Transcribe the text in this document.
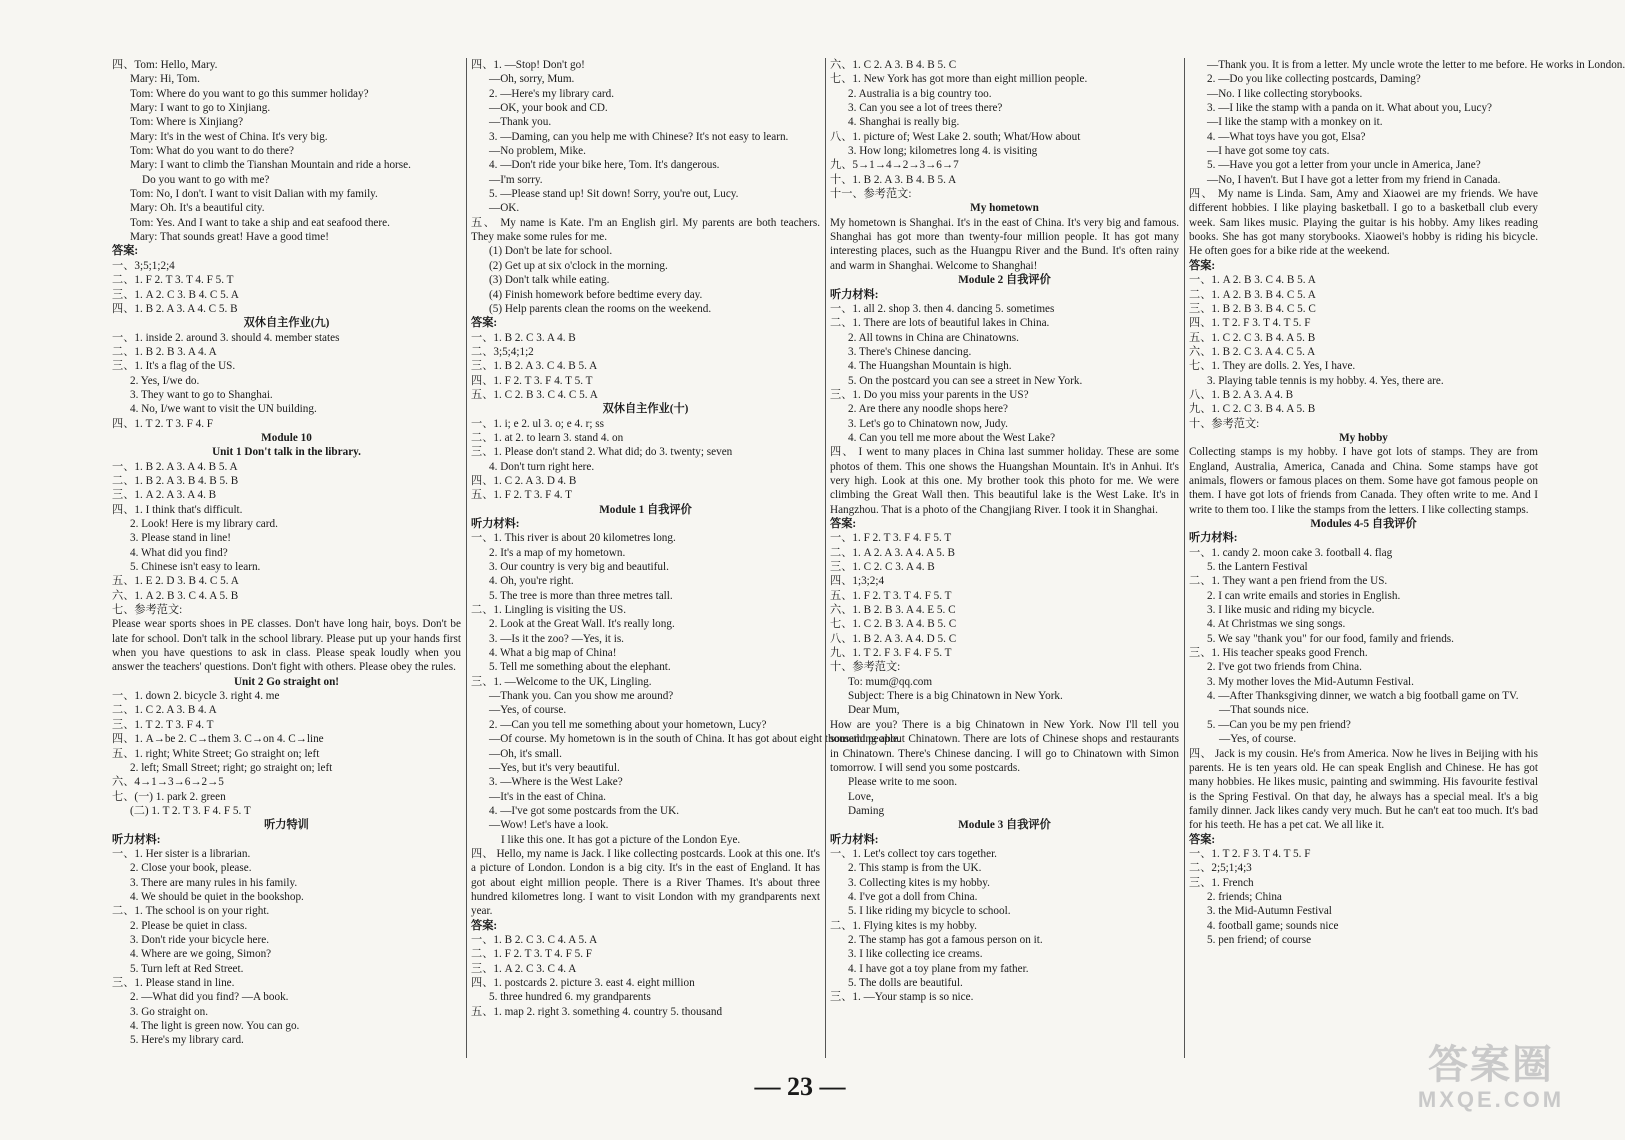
四、Tom: Hello, Mary.
Mary: Hi, Tom.
Tom: Where do you want to go this summer holiday?
Mary: I want to go to Xinjiang.
Tom: Where is Xinjiang?
Mary: It's in the west of China. It's very big.
Tom: What do you want to do there?
Mary: I want to climb the Tianshan Mountain and ride a horse.
Do you want to go with me?
Tom: No, I don't. I want to visit Dalian with my family.
Mary: Oh. It's a beautiful city.
Tom: Yes. And I want to take a ship and eat seafood there.
Mary: That sounds great! Have a good time!
答案:
一、3;5;1;2;4
二、1. F 2. T 3. T 4. F 5. T
三、1. A 2. C 3. B 4. C 5. A
四、1. B 2. A 3. A 4. C 5. B
双休自主作业(九)
一、1. inside 2. around 3. should 4. member states
二、1. B 2. B 3. A 4. A
三、1. It's a flag of the US.
2. Yes, I/we do.
3. They want to go to Shanghai.
4. No, I/we want to visit the UN building.
四、1. T 2. T 3. F 4. F
Module 10
Unit 1 Don't talk in the library.
一、1. B 2. A 3. A 4. B 5. A
二、1. B 2. A 3. B 4. B 5. B
三、1. A 2. A 3. A 4. B
四、1. I think that's difficult.
2. Look! Here is my library card.
3. Please stand in line!
4. What did you find?
5. Chinese isn't easy to learn.
五、1. E 2. D 3. B 4. C 5. A
六、1. A 2. B 3. C 4. A 5. B
七、参考范文:
Please wear sports shoes in PE classes. Don't have long hair, boys. Don't be late for school. Don't talk in the school library. Please put up your hands first when you have questions to ask in class. Please speak loudly when you answer the teachers' questions. Don't fight with others. Please obey the rules.
Unit 2 Go straight on!
一、1. down 2. bicycle 3. right 4. me
二、1. C 2. A 3. B 4. A
三、1. T 2. T 3. F 4. T
四、1. A→be 2. C→them 3. C→on 4. C→line
五、1. right; White Street; Go straight on; left
2. left; Small Street; right; go straight on; left
六、4→1→3→6→2→5
七、(一) 1. park 2. green
(二) 1. T 2. T 3. F 4. F 5. T
听力特训
听力材料:
一、1. Her sister is a librarian.
2. Close your book, please.
3. There are many rules in his family.
4. We should be quiet in the bookshop.
二、1. The school is on your right.
2. Please be quiet in class.
3. Don't ride your bicycle here.
4. Where are we going, Simon?
5. Turn left at Red Street.
三、1. Please stand in line.
2. —What did you find? —A book.
3. Go straight on.
4. The light is green now. You can go.
5. Here's my library card.
四、1. —Stop! Don't go!
—Oh, sorry, Mum.
2. —Here's my library card.
—OK, your book and CD.
—Thank you.
3. —Daming, can you help me with Chinese? It's not easy to learn.
—No problem, Mike.
4. —Don't ride your bike here, Tom. It's dangerous.
—I'm sorry.
5. —Please stand up! Sit down! Sorry, you're out, Lucy.
—OK.
五、 My name is Kate. I'm an English girl. My parents are both teachers. They make some rules for me.
(1) Don't be late for school.
(2) Get up at six o'clock in the morning.
(3) Don't talk while eating.
(4) Finish homework before bedtime every day.
(5) Help parents clean the rooms on the weekend.
答案:
一、1. B 2. C 3. A 4. B
二、3;5;4;1;2
三、1. B 2. A 3. C 4. B 5. A
四、1. F 2. T 3. F 4. T 5. T
五、1. C 2. B 3. C 4. C 5. A
双休自主作业(十)
一、1. i; e 2. ul 3. o; e 4. r; ss
二、1. at 2. to learn 3. stand 4. on
三、1. Please don't stand 2. What did; do 3. twenty; seven
4. Don't turn right here.
四、1. C 2. A 3. D 4. B
五、1. F 2. T 3. F 4. T
Module 1 自我评价
听力材料:
一、1. This river is about 20 kilometres long.
2. It's a map of my hometown.
3. Our country is very big and beautiful.
4. Oh, you're right.
5. The tree is more than three metres tall.
二、1. Lingling is visiting the US.
2. Look at the Great Wall. It's really long.
3. —Is it the zoo? —Yes, it is.
4. What a big map of China!
5. Tell me something about the elephant.
三、1. —Welcome to the UK, Lingling.
—Thank you. Can you show me around?
—Yes, of course.
2. —Can you tell me something about your hometown, Lucy?
—Of course. My hometown is in the south of China. It has got about eight thousand people.
—Oh, it's small.
—Yes, but it's very beautiful.
3. —Where is the West Lake?
—It's in the east of China.
4. —I've got some postcards from the UK.
—Wow! Let's have a look.
I like this one. It has got a picture of the London Eye.
四、 Hello, my name is Jack. I like collecting postcards. Look at this one. It's a picture of London. London is a big city. It's in the east of England. It has got about eight million people. There is a River Thames. It's about three hundred kilometres long. I want to visit London with my grandparents next year.
答案:
一、1. B 2. C 3. C 4. A 5. A
二、1. F 2. T 3. T 4. F 5. F
三、1. A 2. C 3. C 4. A
四、1. postcards 2. picture 3. east 4. eight million
5. three hundred 6. my grandparents
五、1. map 2. right 3. something 4. country 5. thousand
六、1. C 2. A 3. B 4. B 5. C
七、1. New York has got more than eight million people.
2. Australia is a big country too.
3. Can you see a lot of trees there?
4. Shanghai is really big.
八、1. picture of; West Lake 2. south; What/How about
3. How long; kilometres long 4. is visiting
九、5→1→4→2→3→6→7
十、1. B 2. A 3. B 4. B 5. A
十一、参考范文:
My hometown
My hometown is Shanghai. It's in the east of China. It's very big and famous. Shanghai has got more than twenty-four million people. It has got many interesting places, such as the Huangpu River and the Bund. It's often rainy and warm in Shanghai. Welcome to Shanghai!
Module 2 自我评价
听力材料:
一、1. all 2. shop 3. then 4. dancing 5. sometimes
二、1. There are lots of beautiful lakes in China.
2. All towns in China are Chinatowns.
3. There's Chinese dancing.
4. The Huangshan Mountain is high.
5. On the postcard you can see a street in New York.
三、1. Do you miss your parents in the US?
2. Are there any noodle shops here?
3. Let's go to Chinatown now, Judy.
4. Can you tell me more about the West Lake?
四、 I went to many places in China last summer holiday. These are some photos of them. This one shows the Huangshan Mountain. It's in Anhui. It's very high. Look at this one. My brother took this photo for me. We were climbing the Great Wall then. This beautiful lake is the West Lake. It's in Hangzhou. That is a photo of the Changjiang River. I took it in Shanghai.
答案:
一、1. F 2. T 3. F 4. F 5. T
二、1. A 2. A 3. A 4. A 5. B
三、1. C 2. C 3. A 4. B
四、1;3;2;4
五、1. F 2. T 3. T 4. F 5. T
六、1. B 2. B 3. A 4. E 5. C
七、1. C 2. B 3. A 4. B 5. C
八、1. B 2. A 3. A 4. D 5. C
九、1. T 2. F 3. F 4. F 5. T
十、参考范文:
To: mum@qq.com
Subject: There is a big Chinatown in New York.
Dear Mum,
How are you? There is a big Chinatown in New York. Now I'll tell you something about Chinatown. There are lots of Chinese shops and restaurants in Chinatown. There's Chinese dancing. I will go to Chinatown with Simon tomorrow. I will send you some postcards.
Please write to me soon.
Love,
Daming
Module 3 自我评价
听力材料:
一、1. Let's collect toy cars together.
2. This stamp is from the UK.
3. Collecting kites is my hobby.
4. I've got a doll from China.
5. I like riding my bicycle to school.
二、1. Flying kites is my hobby.
2. The stamp has got a famous person on it.
3. I like collecting ice creams.
4. I have got a toy plane from my father.
5. The dolls are beautiful.
三、1. —Your stamp is so nice.
—Thank you. It is from a letter. My uncle wrote the letter to me before. He works in London.
2. —Do you like collecting postcards, Daming?
—No. I like collecting storybooks.
3. —I like the stamp with a panda on it. What about you, Lucy?
—I like the stamp with a monkey on it.
4. —What toys have you got, Elsa?
—I have got some toy cats.
5. —Have you got a letter from your uncle in America, Jane?
—No, I haven't. But I have got a letter from my friend in Canada.
四、 My name is Linda. Sam, Amy and Xiaowei are my friends. We have different hobbies. I like playing basketball. I go to a basketball club every week. Sam likes music. Playing the guitar is his hobby. Amy likes reading books. She has got many storybooks. Xiaowei's hobby is riding his bicycle. He often goes for a bike ride at the weekend.
答案:
一、1. A 2. B 3. C 4. B 5. A
二、1. A 2. B 3. B 4. C 5. A
三、1. B 2. B 3. B 4. C 5. C
四、1. T 2. F 3. T 4. T 5. F
五、1. C 2. C 3. B 4. A 5. B
六、1. B 2. C 3. A 4. C 5. A
七、1. They are dolls. 2. Yes, I have.
3. Playing table tennis is my hobby. 4. Yes, there are.
八、1. B 2. A 3. A 4. B
九、1. C 2. C 3. B 4. A 5. B
十、参考范文:
My hobby
Collecting stamps is my hobby. I have got lots of stamps. They are from England, Australia, America, Canada and China. Some stamps have got animals, flowers or famous places on them. Some have got famous people on them. I have got lots of friends from Canada. They often write to me. And I write to them too. I like the stamps from the letters. I like collecting stamps.
Modules 4-5 自我评价
听力材料:
一、1. candy 2. moon cake 3. football 4. flag
5. the Lantern Festival
二、1. They want a pen friend from the US.
2. I can write emails and stories in English.
3. I like music and riding my bicycle.
4. At Christmas we sing songs.
5. We say "thank you" for our food, family and friends.
三、1. His teacher speaks good French.
2. I've got two friends from China.
3. My mother loves the Mid-Autumn Festival.
4. —After Thanksgiving dinner, we watch a big football game on TV.
—That sounds nice.
5. —Can you be my pen friend?
—Yes, of course.
四、 Jack is my cousin. He's from America. Now he lives in Beijing with his parents. He is ten years old. He can speak English and Chinese. He has got many hobbies. He likes music, painting and swimming. His favourite festival is the Spring Festival. On that day, he always has a special meal. It's a big family dinner. Jack likes candy very much. But he can't eat too much. It's bad for his teeth. He has a pet cat. We all like it.
答案:
一、1. T 2. F 3. T 4. T 5. F
二、2;5;1;4;3
三、1. French
2. friends; China
3. the Mid-Autumn Festival
4. football game; sounds nice
5. pen friend; of course
— 23 —	答案圈
MXQE.COM
